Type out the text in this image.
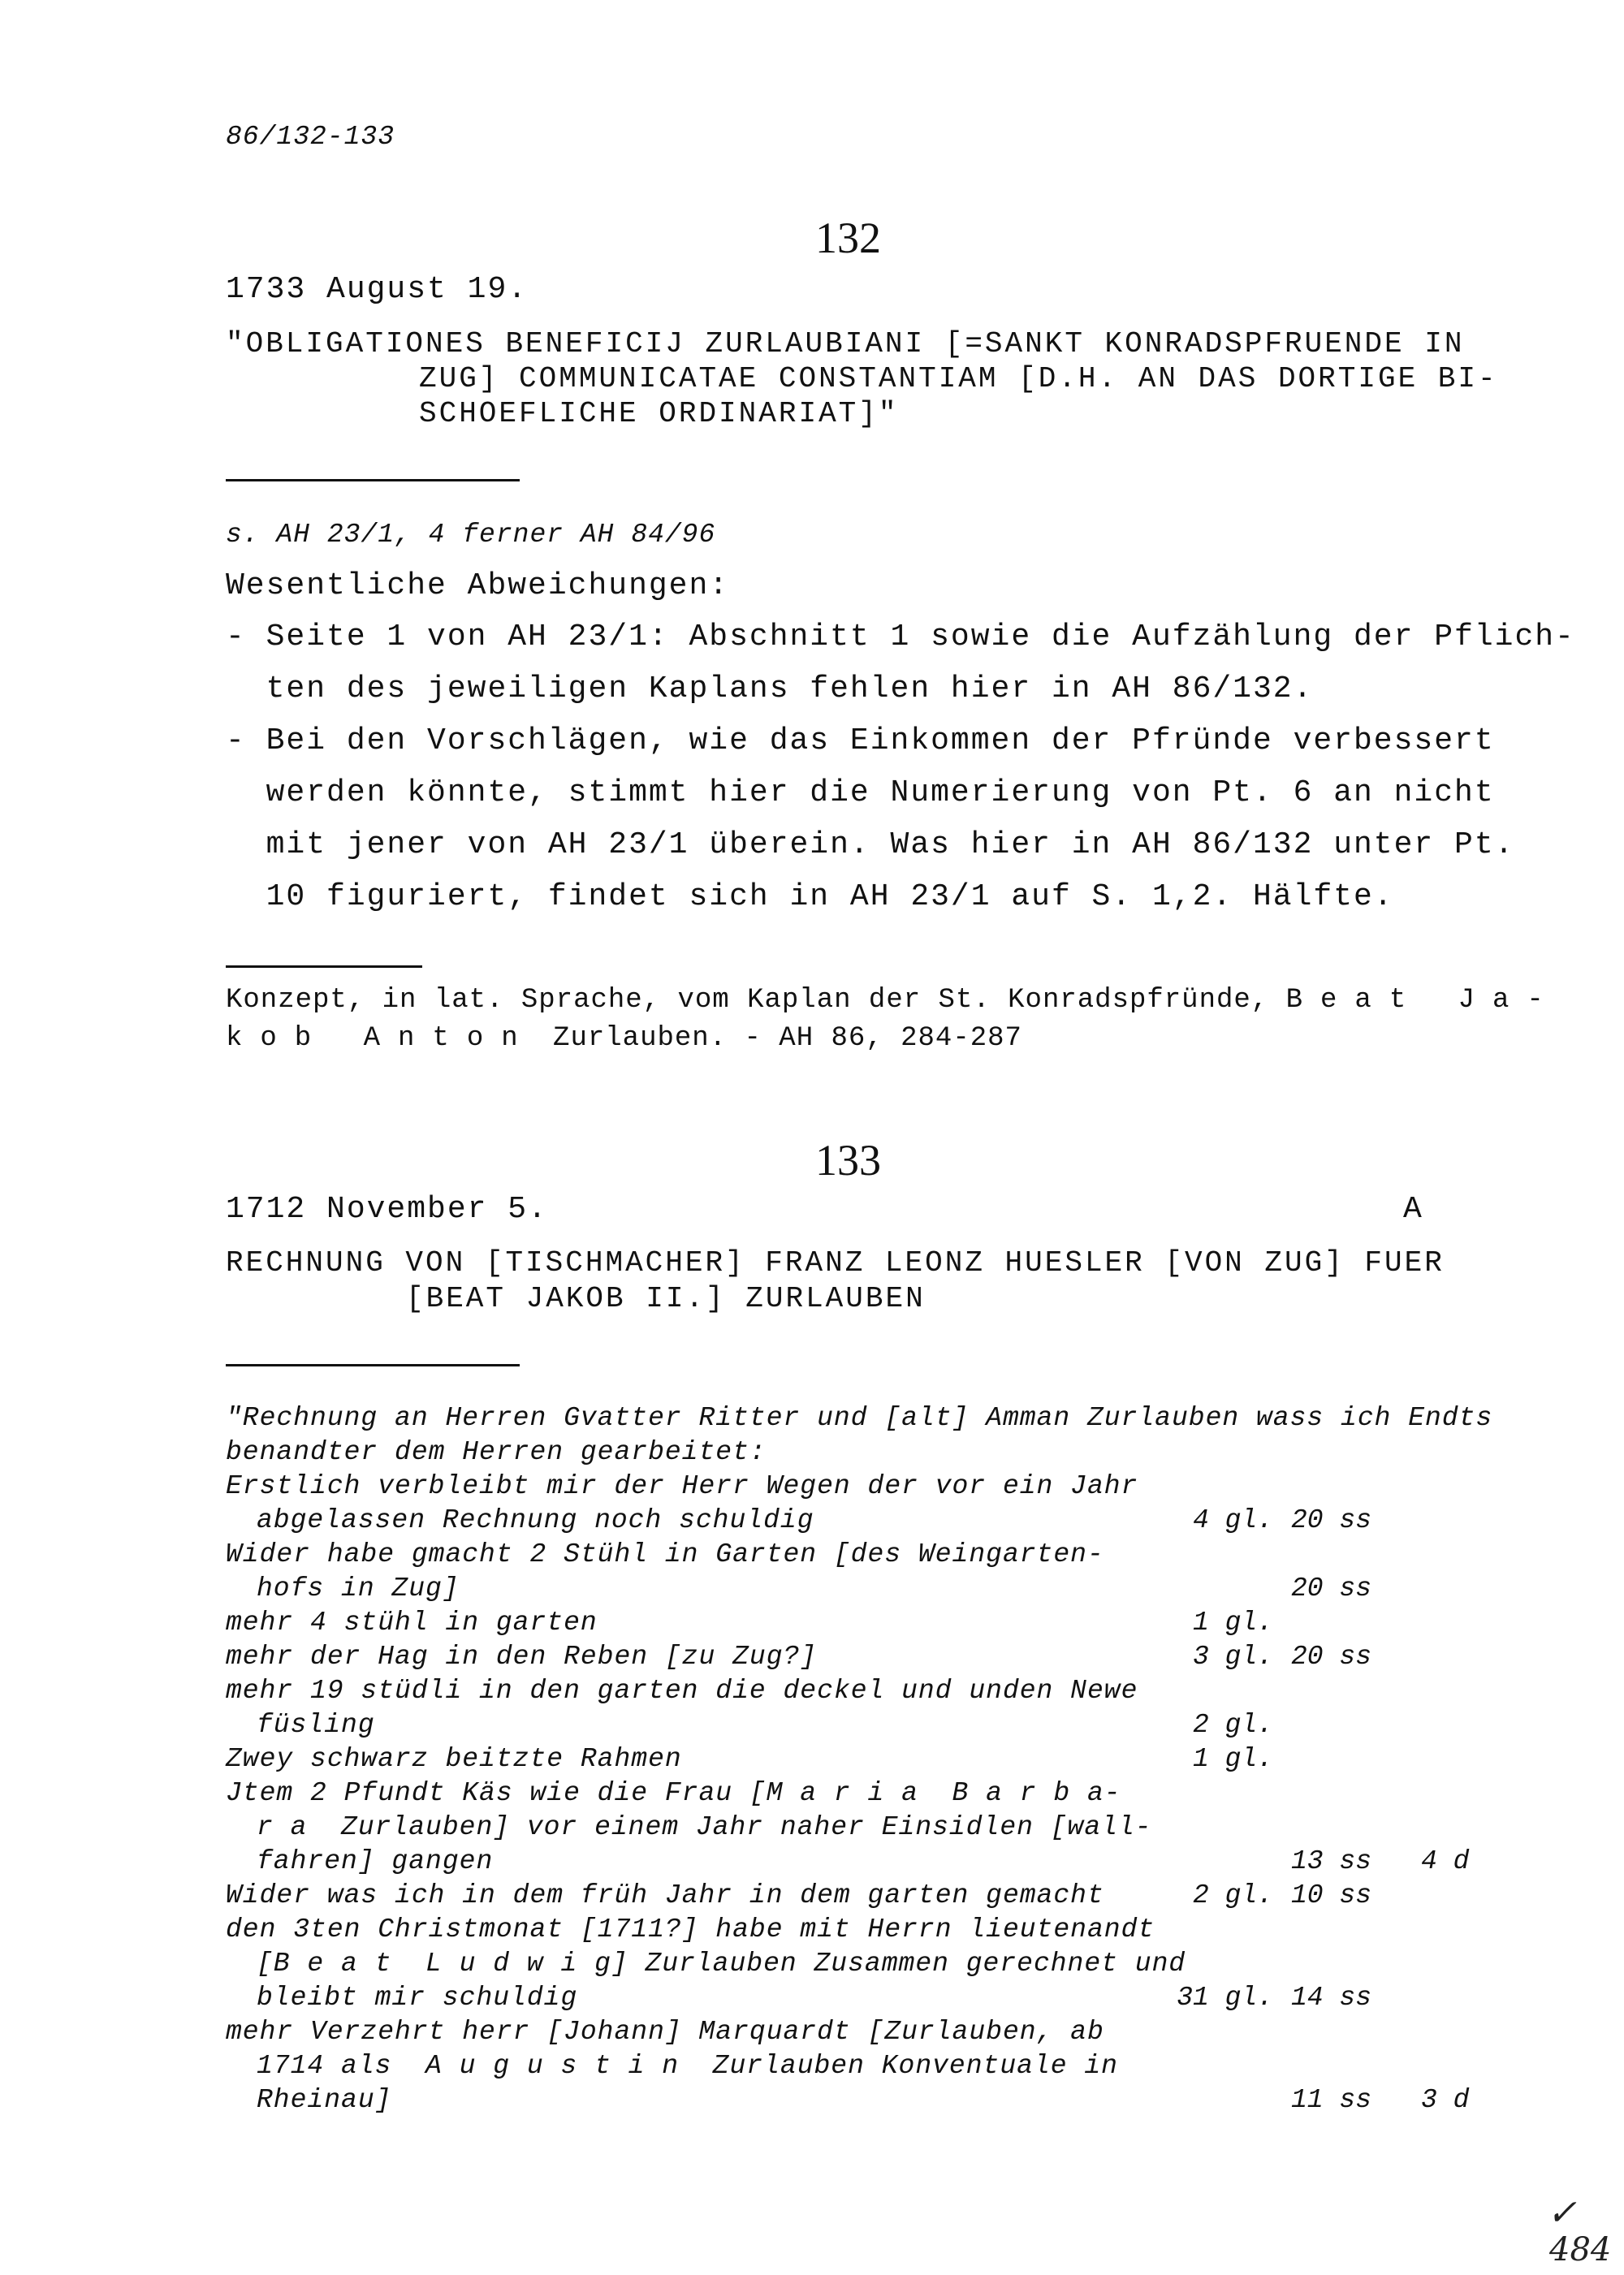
86/132-133
132
1733 August 19.
"OBLIGATIONES BENEFICIJ ZURLAUBIANI [=SANKT KONRADSPFRUENDE IN
ZUG] COMMUNICATAE CONSTANTIAM [D.H. AN DAS DORTIGE BI-
SCHOEFLICHE ORDINARIAT]"
s. AH 23/1, 4 ferner AH 84/96
Wesentliche Abweichungen:
- Seite 1 von AH 23/1: Abschnitt 1 sowie die Aufzählung der Pflich-
ten des jeweiligen Kaplans fehlen hier in AH 86/132.
- Bei den Vorschlägen, wie das Einkommen der Pfründe verbessert
werden könnte, stimmt hier die Numerierung von Pt. 6 an nicht
mit jener von AH 23/1 überein. Was hier in AH 86/132 unter Pt.
10 figuriert, findet sich in AH 23/1 auf S. 1,2. Hälfte.
Konzept, in lat. Sprache, vom Kaplan der St. Konradspfründe, Beat Ja-
kob Anton Zurlauben. - AH 86, 284-287
133
1712 November 5.	A
RECHNUNG VON [TISCHMACHER] FRANZ LEONZ HUESLER [VON ZUG] FUER
[BEAT JAKOB II.] ZURLAUBEN
"Rechnung an Herren Gvatter Ritter und [alt] Amman Zurlauben wass ich Endts
benandter dem Herren gearbeitet:
Erstlich verbleibt mir der Herr Wegen der vor ein Jahr
abgelassen Rechnung noch schuldig	4 gl. 20 ss
Wider habe gmacht 2 Stühl in Garten [des Weingarten-
hofs in Zug]	20 ss
mehr 4 stühl in garten	1 gl.
mehr der Hag in den Reben [zu Zug?]	3 gl. 20 ss
mehr 19 stüdli in den garten die deckel und unden Newe
füsling	2 gl.
Zwey schwarz beitzte Rahmen	1 gl.
Jtem 2 Pfundt Käs wie die Frau [M a r i a  B a r b a-
r a  Zurlauben] vor einem Jahr naher Einsidlen [wall-
fahren] gangen	13 ss 4 d
Wider was ich in dem früh Jahr in dem garten gemacht	2 gl. 10 ss
den 3ten Christmonat [1711?] habe mit Herrn lieutenandt
[B e a t  L u d w i g] Zurlauben Zusammen gerechnet und
bleibt mir schuldig	31 gl. 14 ss
mehr Verzehrt herr [Johann] Marquardt [Zurlauben, ab
1714 als  A u g u s t i n  Zurlauben Konventuale in
Rheinau]	11 ss 3 d
✓
484
